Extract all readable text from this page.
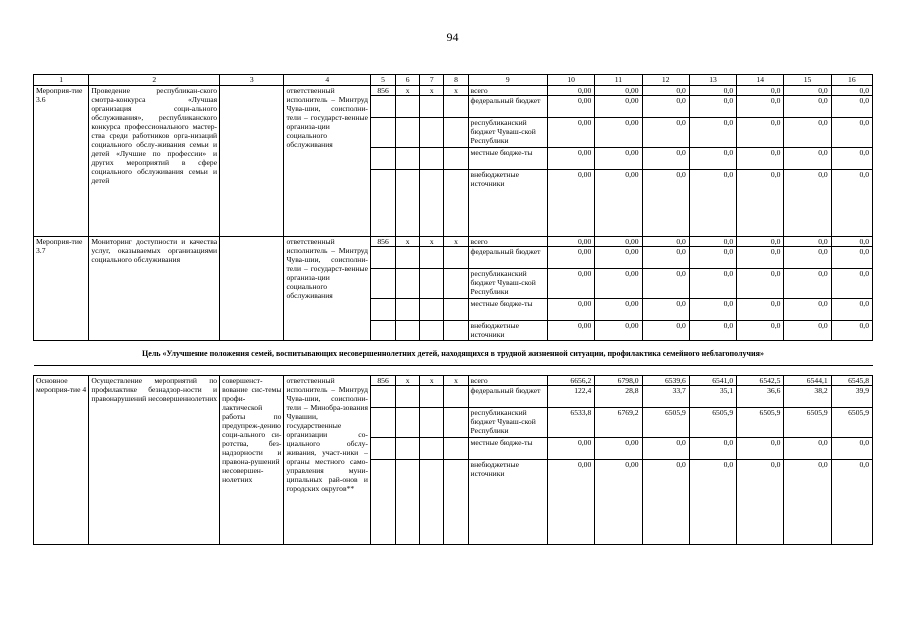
94
1	2	3	4	5	6	7	8	9	10	11	12	13	14	15	16
Мероприя-тие 3.6	Проведение республикан-ского смотра-конкурса «Лучшая организация соци-ального обслуживания», республиканского конкурса профессионального мастер-ства среди работников орга-низаций социального обслу-живания семьи и детей «Лучшие по профессии» и других мероприятий в сфере социального обслуживания семьи и детей		ответственный исполнитель – Минтруд Чува-шии, соисполни-тели – государст-венные организа-ции социального обслуживания	856	x	x	x	всего	0,00	0,00	0,0	0,0	0,0	0,0	0,0
								федеральный бюджет	0,00	0,00	0,0	0,0	0,0	0,0	0,0
								республиканский бюджет Чуваш-ской Республики	0,00	0,00	0,0	0,0	0,0	0,0	0,0
								местные бюдже-ты	0,00	0,00	0,0	0,0	0,0	0,0	0,0
								внебюджетные источники	0,00	0,00	0,0	0,0	0,0	0,0	0,0
Мероприя-тие 3.7	Мониторинг доступности и качества услуг, оказываемых организациями социального обслуживания		ответственный исполнитель – Минтруд Чува-шии, соисполни-тели – государст-венные организа-ции социального обслуживания	856	x	x	x	всего	0,00	0,00	0,0	0,0	0,0	0,0	0,0
								федеральный бюджет	0,00	0,00	0,0	0,0	0,0	0,0	0,0
								республиканский бюджет Чуваш-ской Республики	0,00	0,00	0,0	0,0	0,0	0,0	0,0
								местные бюдже-ты	0,00	0,00	0,0	0,0	0,0	0,0	0,0
								внебюджетные источники	0,00	0,00	0,0	0,0	0,0	0,0	0,0
Цель «Улучшение положения семей, воспитывающих несовершеннолетних детей, находящихся в трудной жизненной ситуации, профилактика семейного неблагополучия»															

Основное мероприя-тие 4	Осуществление мероприятий по профилактике безнадзор-ности и правонарушений несовершеннолетних	совершенст-вование сис-темы профи-лактической работы по предупреж-дению соци-ального си-ротства, без-надзорности и правона-рушений несовершен-нолетних	ответственный исполнитель – Минтруд Чува-шии, соисполни-тели – Минобра-зования Чувашии, государственные организации со-циального обслу-живания, участ-ники – органы местного само-управления муни-ципальных рай-онов и городских округов**	856	x	x	x	всего	6656,2	6798,0	6539,6	6541,0	6542,5	6544,1	6545,8
								федеральный бюджет	122,4	28,8	33,7	35,1	36,6	38,2	39,9
								республиканский бюджет Чуваш-ской Республики	6533,8	6769,2	6505,9	6505,9	6505,9	6505,9	6505,9
								местные бюдже-ты	0,00	0,00	0,0	0,0	0,0	0,0	0,0
								внебюджетные источники	0,00	0,00	0,0	0,0	0,0	0,0	0,0
